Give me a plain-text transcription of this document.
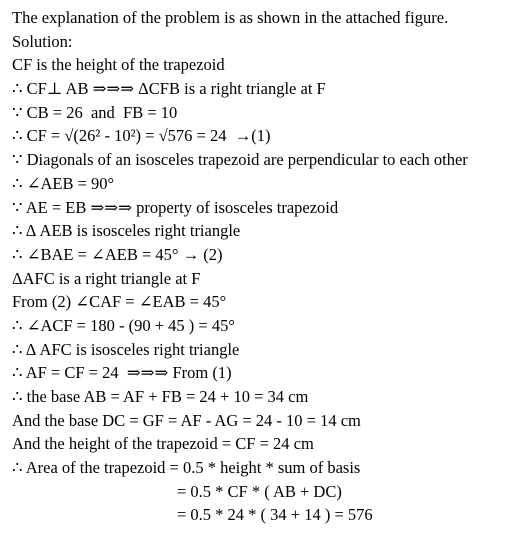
The explanation of the problem is as shown in the attached figure.
Solution:
CF is the height of the trapezoid
∴ CF⊥ AB ⇒⇒⇒ ΔCFB is a right triangle at F
∵ CB = 26  and  FB = 10
∴ CF = √(26² - 10²) = √576 = 24  →(1)
∵ Diagonals of an isosceles trapezoid are perpendicular to each other
∴ ∠AEB = 90°
∵ AE = EB ⇒⇒⇒ property of isosceles trapezoid
∴ Δ AEB is isosceles right triangle
∴ ∠BAE = ∠AEB = 45° → (2)
ΔAFC is a right triangle at F
From (2) ∠CAF = ∠EAB = 45°
∴ ∠ACF = 180 - (90 + 45 ) = 45°
∴ Δ AFC is isosceles right triangle
∴ AF = CF = 24  ⇒⇒⇒ From (1)
∴ the base AB = AF + FB = 24 + 10 = 34 cm
And the base DC = GF = AF - AG = 24 - 10 = 14 cm
And the height of the trapezoid = CF = 24 cm
∴ Area of the trapezoid = 0.5 * height * sum of basis
= 0.5 * CF * ( AB + DC)
= 0.5 * 24 * ( 34 + 14 ) = 576
